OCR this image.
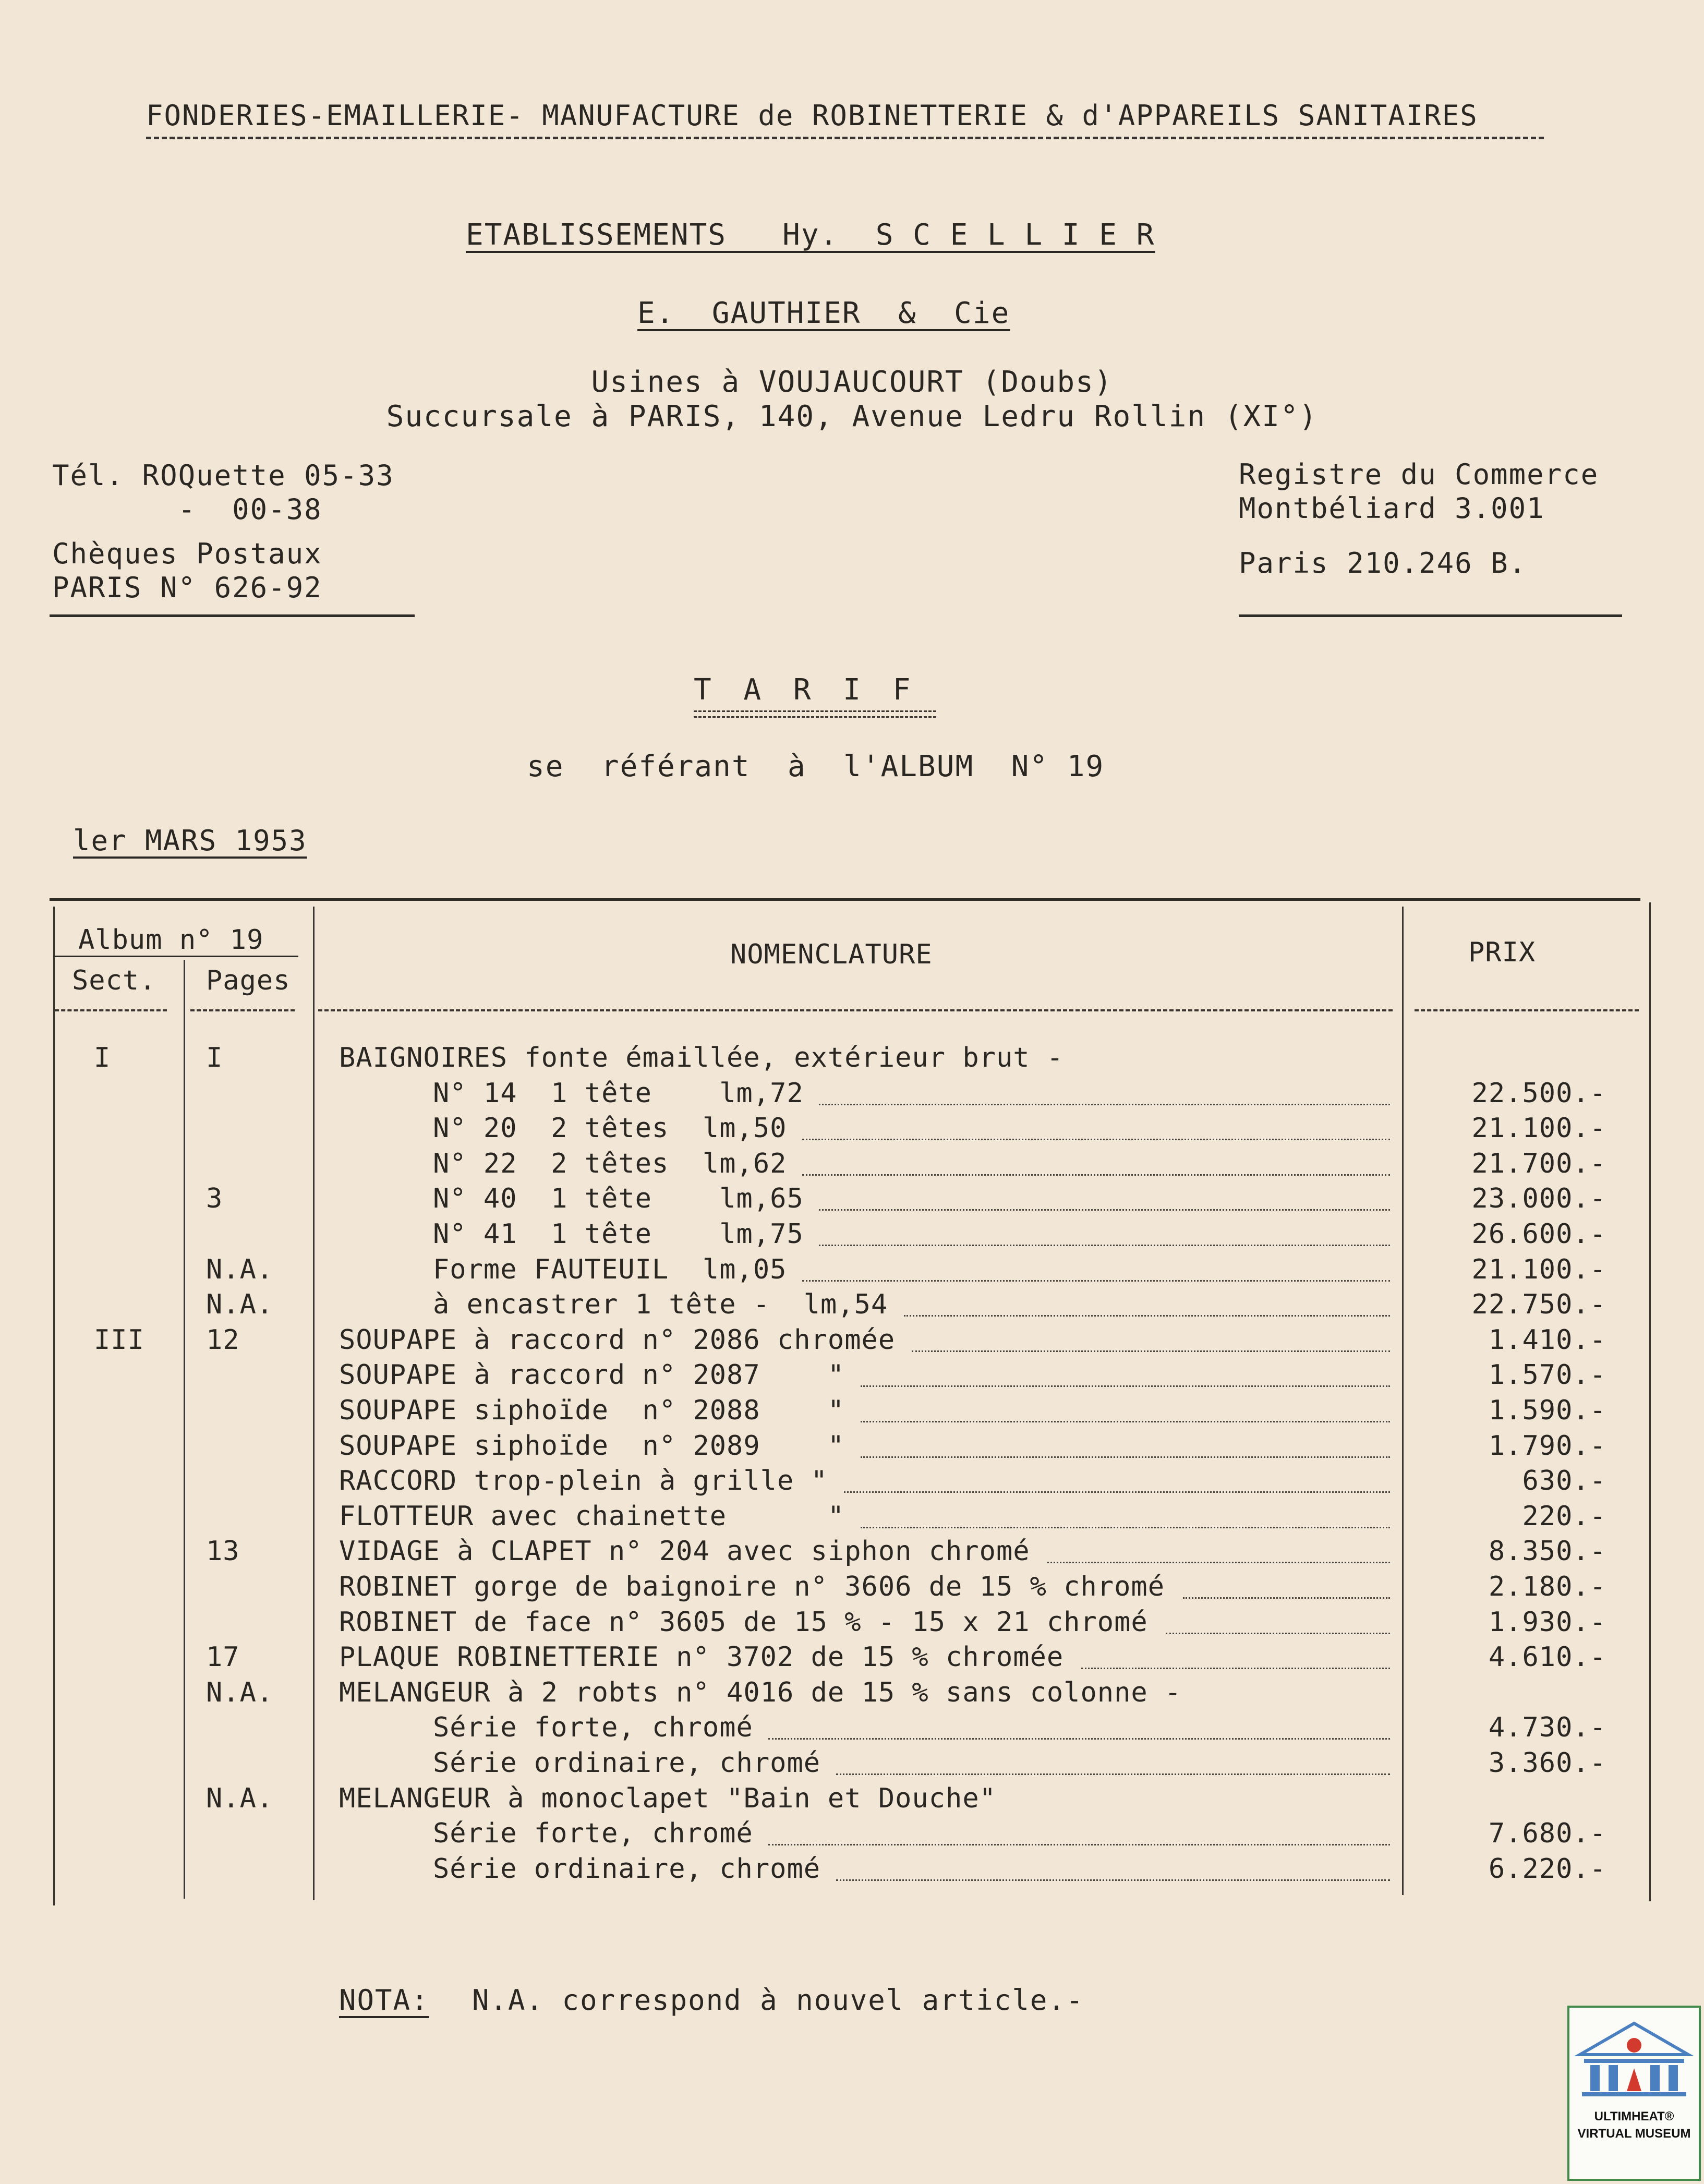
FONDERIES-EMAILLERIE- MANUFACTURE de ROBINETTERIE & d'APPAREILS SANITAIRES
ETABLISSEMENTS   Hy.  S C E L L I E R
E.  GAUTHIER  &  Cie
Usines à VOUJAUCOURT (Doubs)
Succursale à PARIS, 140, Avenue Ledru Rollin (XI°)
Tél. ROQuette 05-33
-  00-38
Chèques Postaux
PARIS N° 626-92
Registre du Commerce
Montbéliard 3.001
Paris 210.246 B.
T A R I F
se  référant  à  l'ALBUM  N° 19
ler MARS 1953
Album n° 19
Sect. Pages
NOMENCLATURE	PRIX
I	I	BAIGNOIRES fonte émaillée, extérieur brut -
N° 14  1 tête    lm,72	22.500.-
N° 20  2 têtes  lm,50	21.100.-
N° 22  2 têtes  lm,62	21.700.-
3	N° 40  1 tête    lm,65	23.000.-
N° 41  1 tête    lm,75	26.600.-
N.A.	Forme FAUTEUIL  lm,05	21.100.-
N.A.	à encastrer 1 tête -  lm,54	22.750.-
III 12	SOUPAPE à raccord n° 2086 chromée	1.410.-
SOUPAPE à raccord n° 2087    "	1.570.-
SOUPAPE siphoïde  n° 2088    "	1.590.-
SOUPAPE siphoïde  n° 2089    "	1.790.-
RACCORD trop-plein à grille "	630.-
FLOTTEUR avec chainette      "	220.-
13	VIDAGE à CLAPET n° 204 avec siphon chromé	8.350.-
ROBINET gorge de baignoire n° 3606 de 15 % chromé	2.180.-
ROBINET de face n° 3605 de 15 % - 15 x 21 chromé	1.930.-
17	PLAQUE ROBINETTERIE n° 3702 de 15 % chromée	4.610.-
N.A. MELANGEUR à 2 robts n° 4016 de 15 % sans colonne -
Série forte, chromé	4.730.-
Série ordinaire, chromé	3.360.-
N.A. MELANGEUR à monoclapet "Bain et Douche"
Série forte, chromé	7.680.-
Série ordinaire, chromé	6.220.-
NOTA: N.A. correspond à nouvel article.-
ULTIMHEAT®
VIRTUAL MUSEUM
